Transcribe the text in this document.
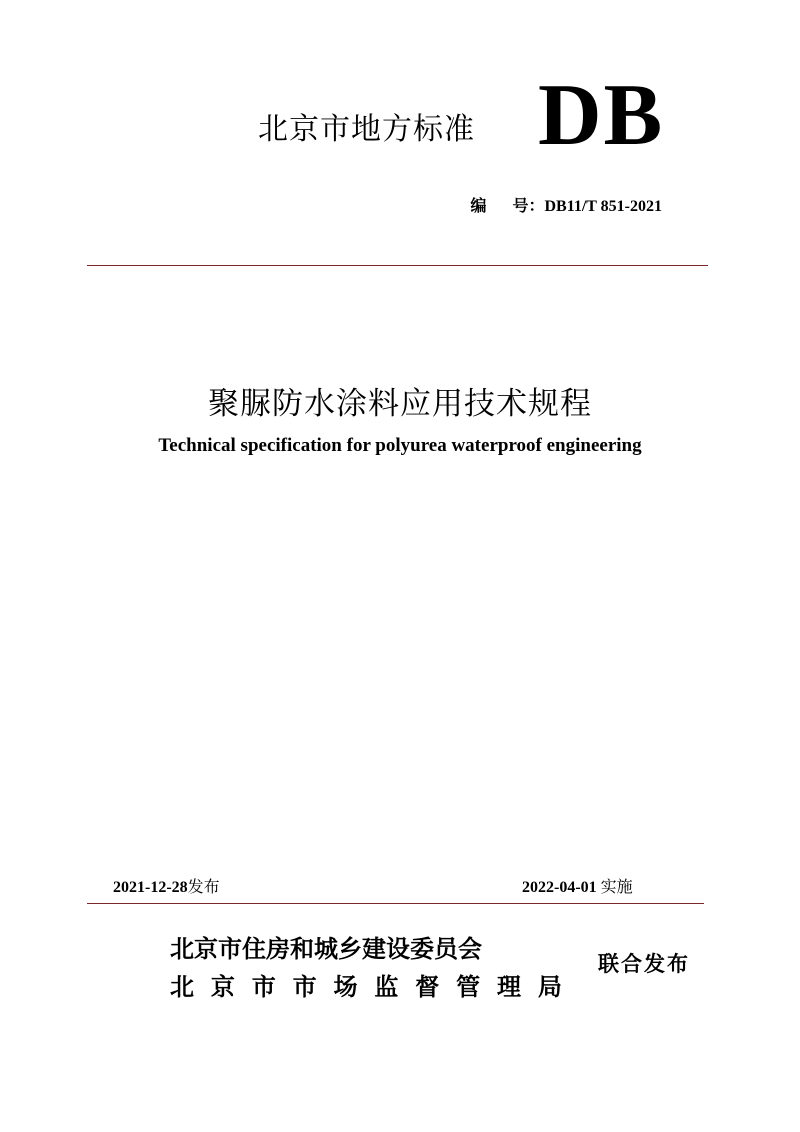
北京市地方标准 DB
编 号：DB11/T 851-2021
聚脲防水涂料应用技术规程
Technical specification for polyurea waterproof engineering
2021-12-28发布	2022-04-01 实施
北京市住房和城乡建设委员会
北 京 市 市 场 监 督 管 理 局
联合发布
